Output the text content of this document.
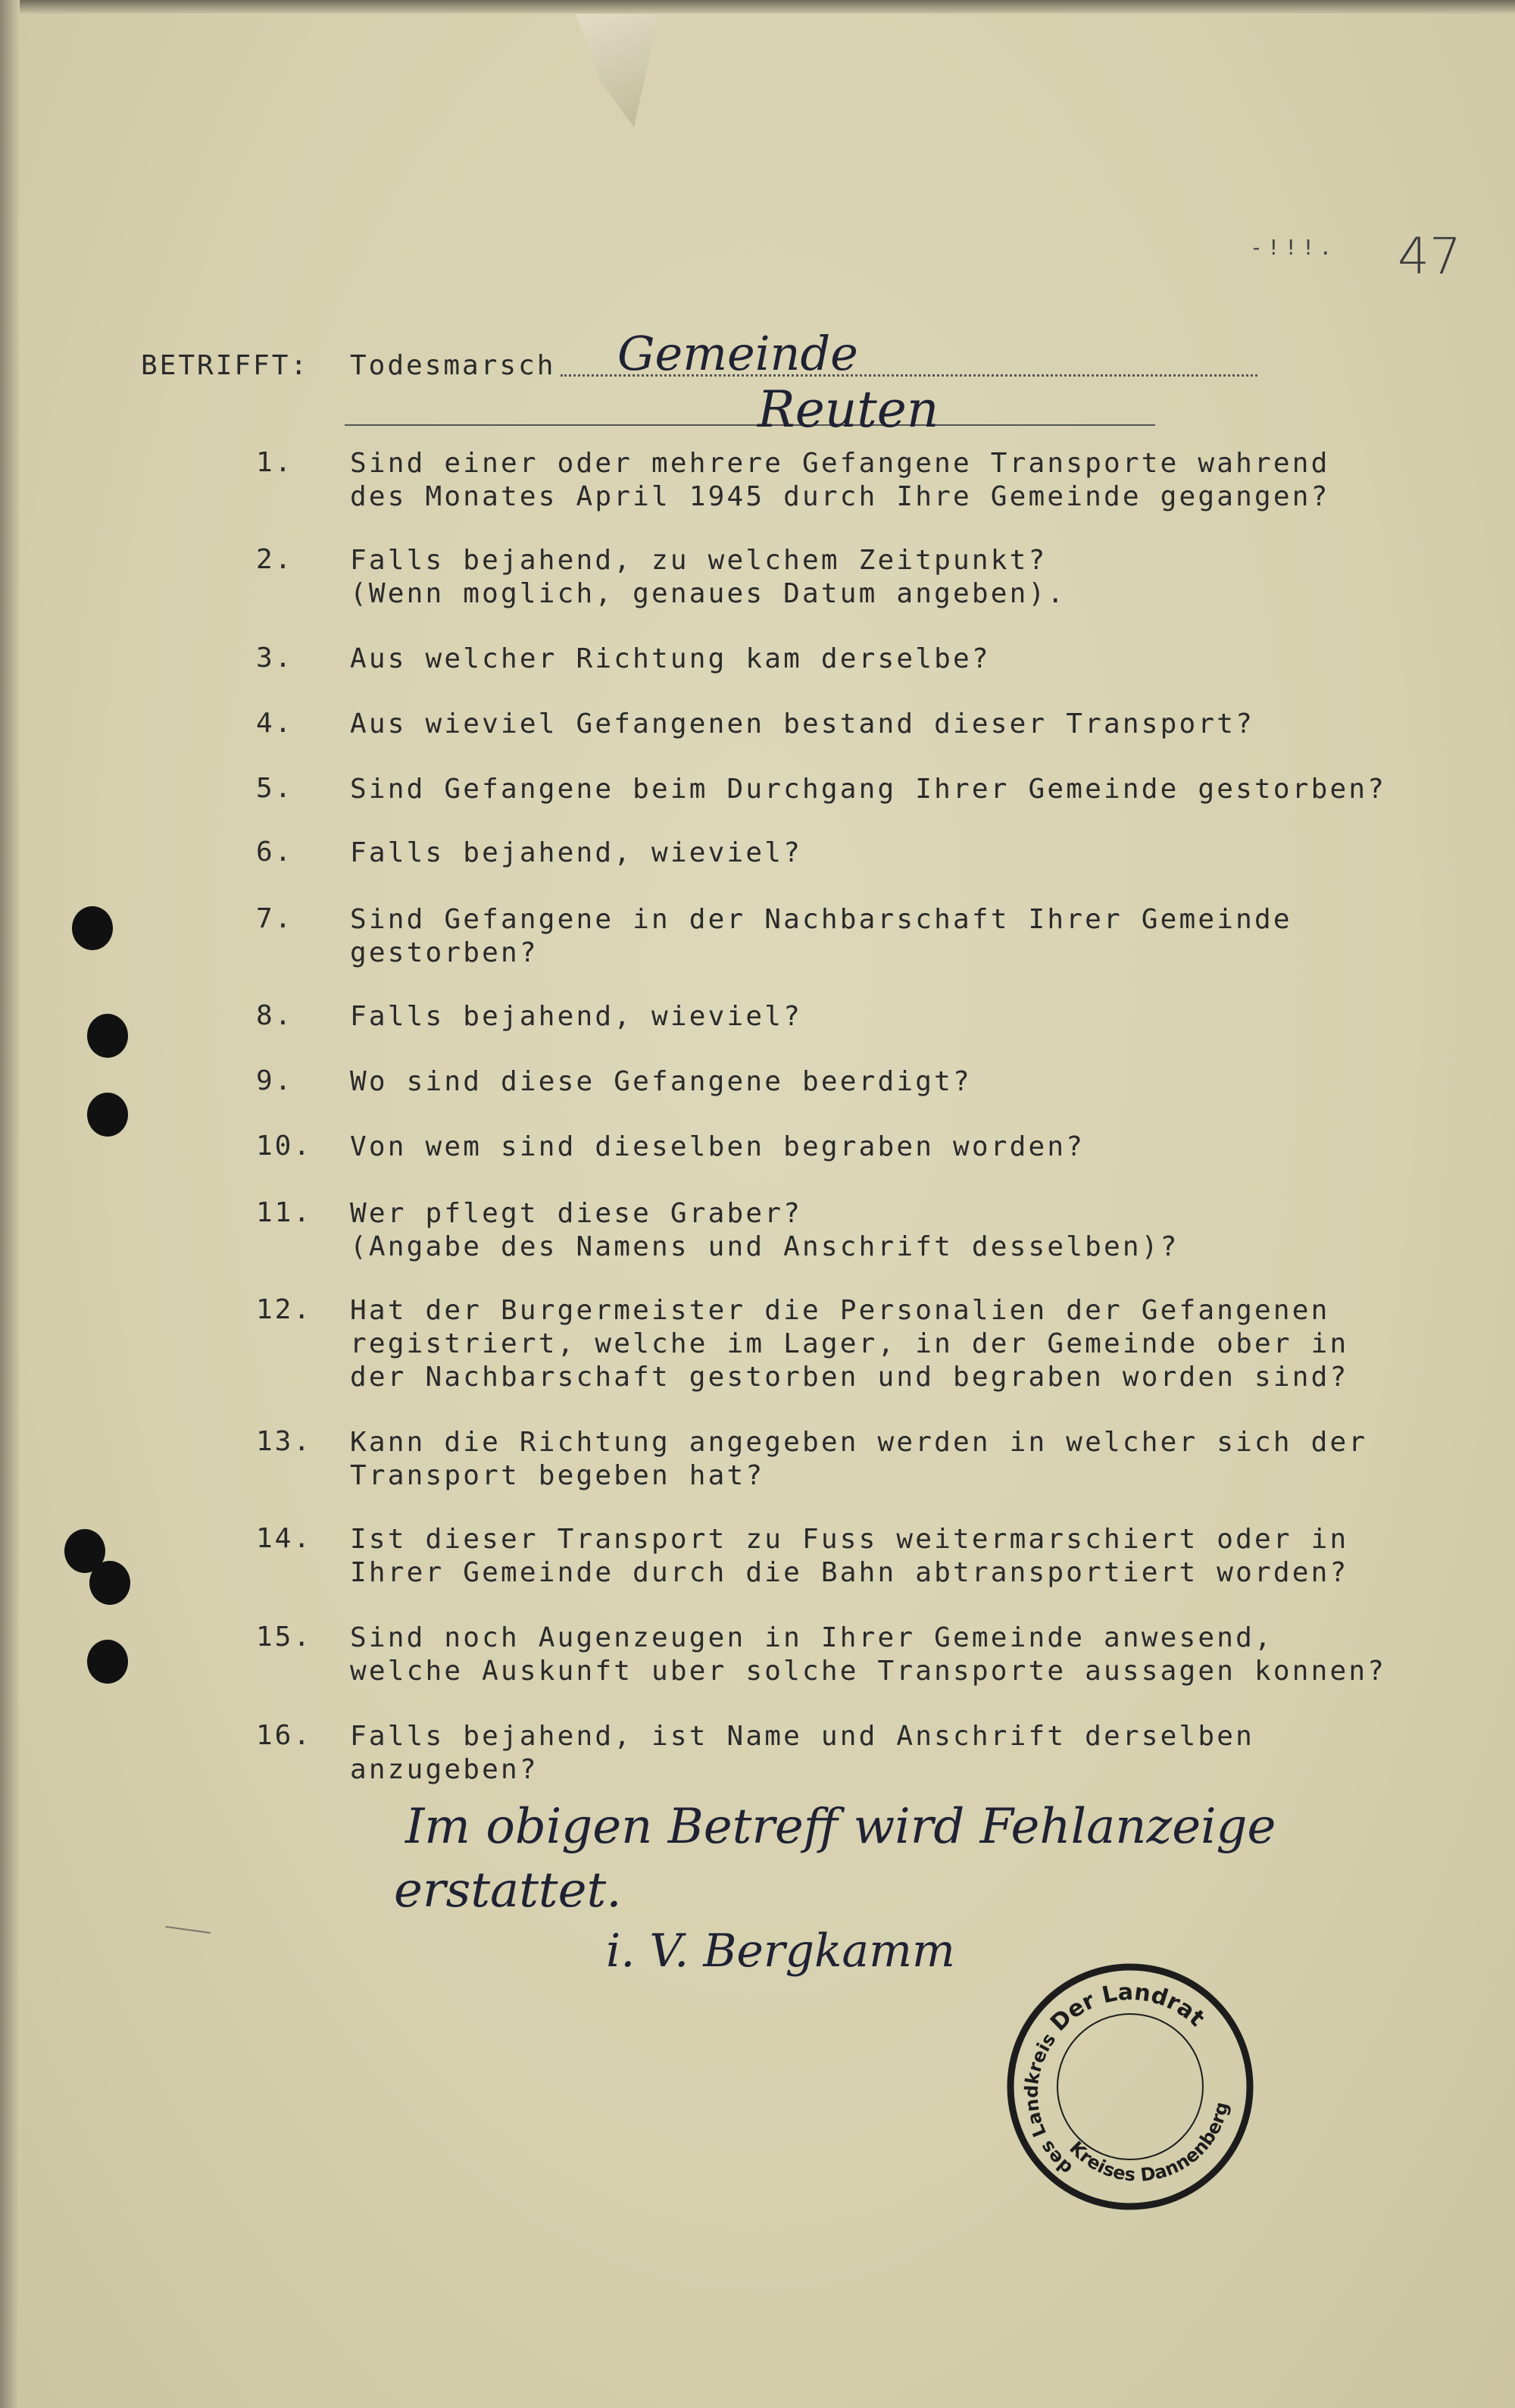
-!!!. 47
BETRIFFT: Todesmarsch Gemeinde
Reuten
1. Sind einer oder mehrere Gefangene Transporte wahrend
des Monates April 1945 durch Ihre Gemeinde gegangen?
2. Falls bejahend, zu welchem Zeitpunkt?
(Wenn moglich, genaues Datum angeben).
3. Aus welcher Richtung kam derselbe?
4. Aus wieviel Gefangenen bestand dieser Transport?
5. Sind Gefangene beim Durchgang Ihrer Gemeinde gestorben?
6. Falls bejahend, wieviel?
7. Sind Gefangene in der Nachbarschaft Ihrer Gemeinde
gestorben?
8. Falls bejahend, wieviel?
9. Wo sind diese Gefangene beerdigt?
10. Von wem sind dieselben begraben worden?
11. Wer pflegt diese Graber?
(Angabe des Namens und Anschrift desselben)?
12. Hat der Burgermeister die Personalien der Gefangenen
registriert, welche im Lager, in der Gemeinde ober in
der Nachbarschaft gestorben und begraben worden sind?
13. Kann die Richtung angegeben werden in welcher sich der
Transport begeben hat?
14. Ist dieser Transport zu Fuss weitermarschiert oder in
Ihrer Gemeinde durch die Bahn abtransportiert worden?
15. Sind noch Augenzeugen in Ihrer Gemeinde anwesend,
welche Auskunft uber solche Transporte aussagen konnen?
16. Falls bejahend, ist Name und Anschrift derselben
anzugeben?
Im obigen Betreff wird Fehlanzeige
erstattet.
i. V. Bergkamm
Der Landrat
des Landkreis
Kreises Dannenberg
